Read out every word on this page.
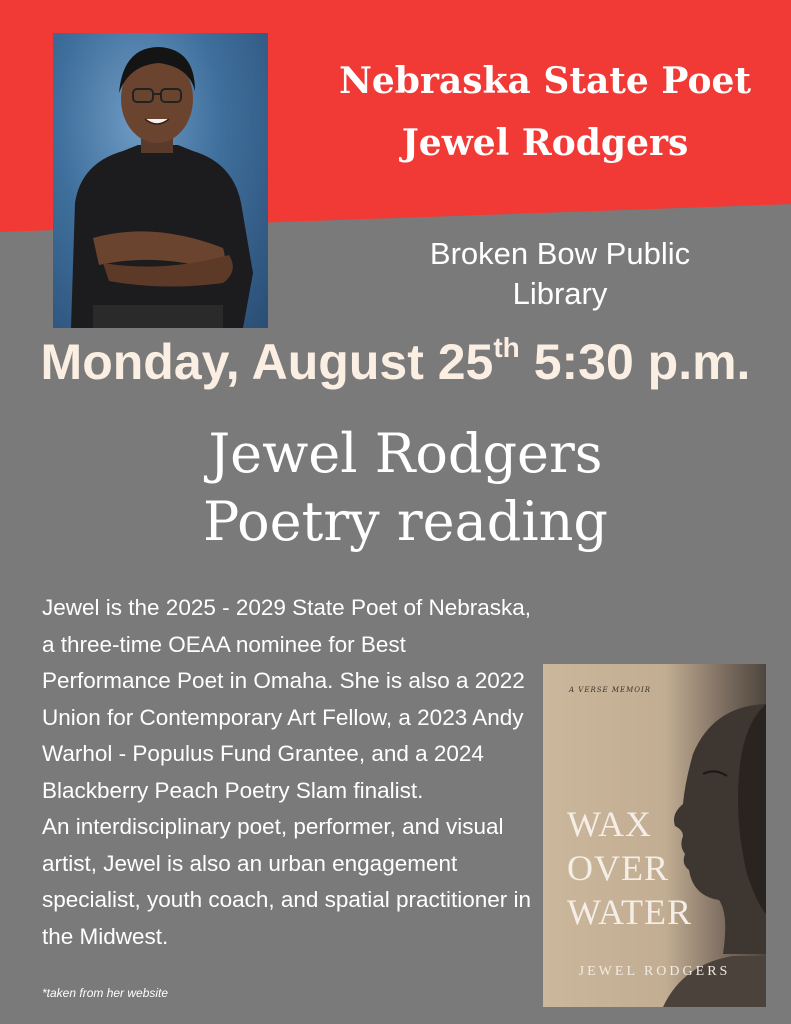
Nebraska State Poet
Jewel Rodgers
Broken Bow Public
Library
Monday, August 25th 5:30 p.m.
Jewel Rodgers
Poetry reading

Jewel is the 2025 - 2029 State Poet of Nebraska, a three-time OEAA nominee for Best Performance Poet in Omaha. She is also a 2022 Union for Contemporary Art Fellow, a 2023 Andy Warhol - Populus Fund Grantee, and a 2024 Blackberry Peach Poetry Slam finalist.

An interdisciplinary poet, performer, and visual artist, Jewel is also an urban engagement specialist, youth coach, and spatial practitioner in the Midwest.

*taken from her website
A VERSE MEMOIR
WAX
OVER
WATER
JEWEL RODGERS
